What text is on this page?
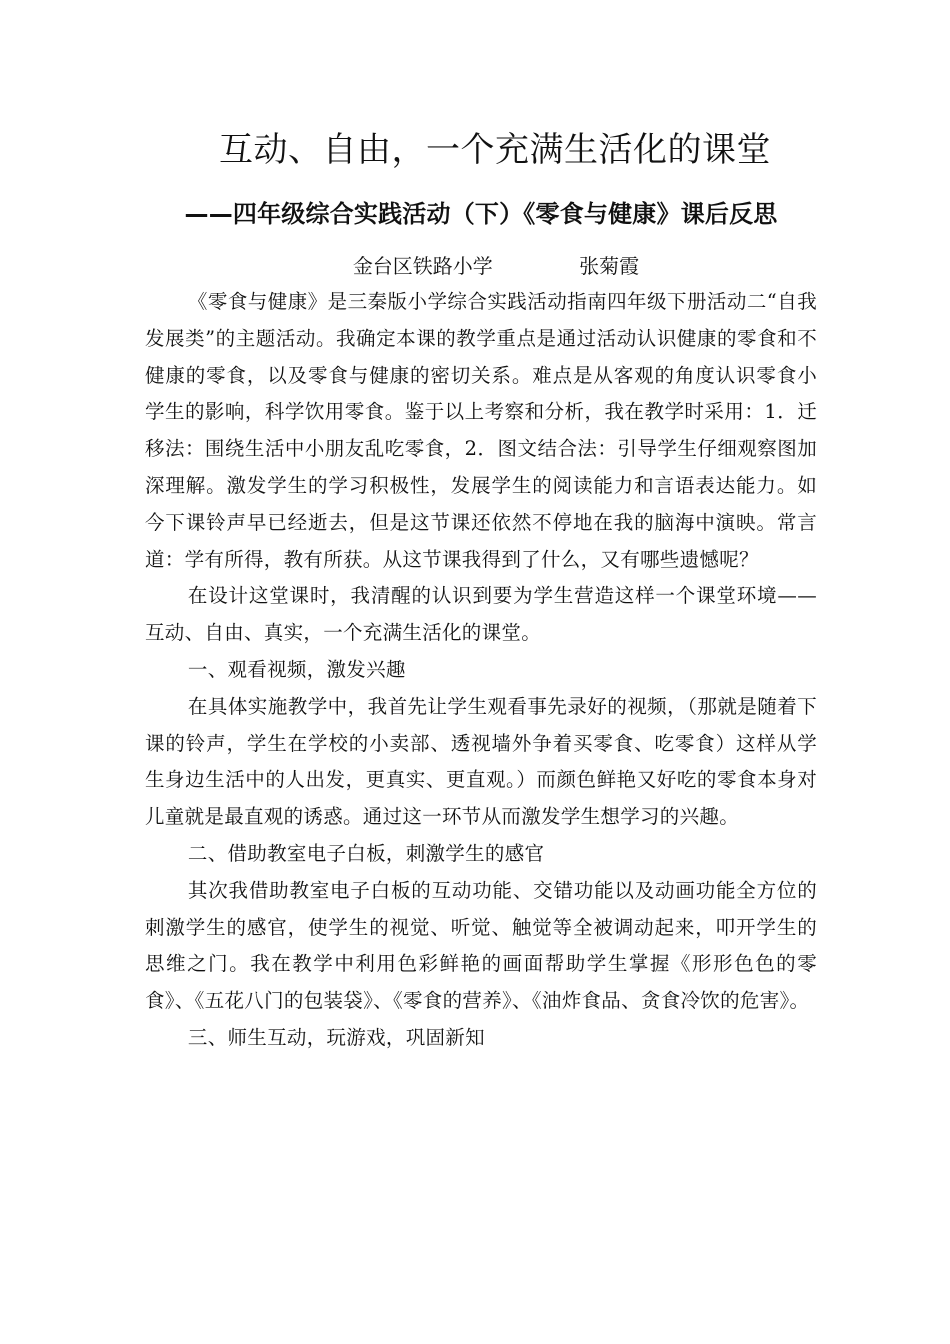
互动、自由，一个充满生活化的课堂
——四年级综合实践活动（下）《零食与健康》课后反思
金台区铁路小学	张菊霞

《零食与健康》是三秦版小学综合实践活动指南四年级下册活动二“自我发展类”的主题活动。我确定本课的教学重点是通过活动认识健康的零食和不健康的零食，以及零食与健康的密切关系。难点是从客观的角度认识零食小学生的影响，科学饮用零食。鉴于以上考察和分析，我在教学时采用：1．迁移法：围绕生活中小朋友乱吃零食，2．图文结合法：引导学生仔细观察图加深理解。激发学生的学习积极性，发展学生的阅读能力和言语表达能力。如今下课铃声早已经逝去，但是这节课还依然不停地在我的脑海中演映。常言道：学有所得，教有所获。从这节课我得到了什么，又有哪些遗憾呢？

在设计这堂课时，我清醒的认识到要为学生营造这样一个课堂环境——互动、自由、真实，一个充满生活化的课堂。

一、观看视频，激发兴趣

在具体实施教学中，我首先让学生观看事先录好的视频，（那就是随着下课的铃声，学生在学校的小卖部、透视墙外争着买零食、吃零食）这样从学生身边生活中的人出发，更真实、更直观。）而颜色鲜艳又好吃的零食本身对儿童就是最直观的诱惑。通过这一环节从而激发学生想学习的兴趣。

二、借助教室电子白板，刺激学生的感官

其次我借助教室电子白板的互动功能、交错功能以及动画功能全方位的刺激学生的感官，使学生的视觉、听觉、触觉等全被调动起来，叩开学生的思维之门。我在教学中利用色彩鲜艳的画面帮助学生掌握《形形色色的零食》、《五花八门的包装袋》、《零食的营养》、《油炸食品、贪食冷饮的危害》。

三、师生互动，玩游戏，巩固新知
